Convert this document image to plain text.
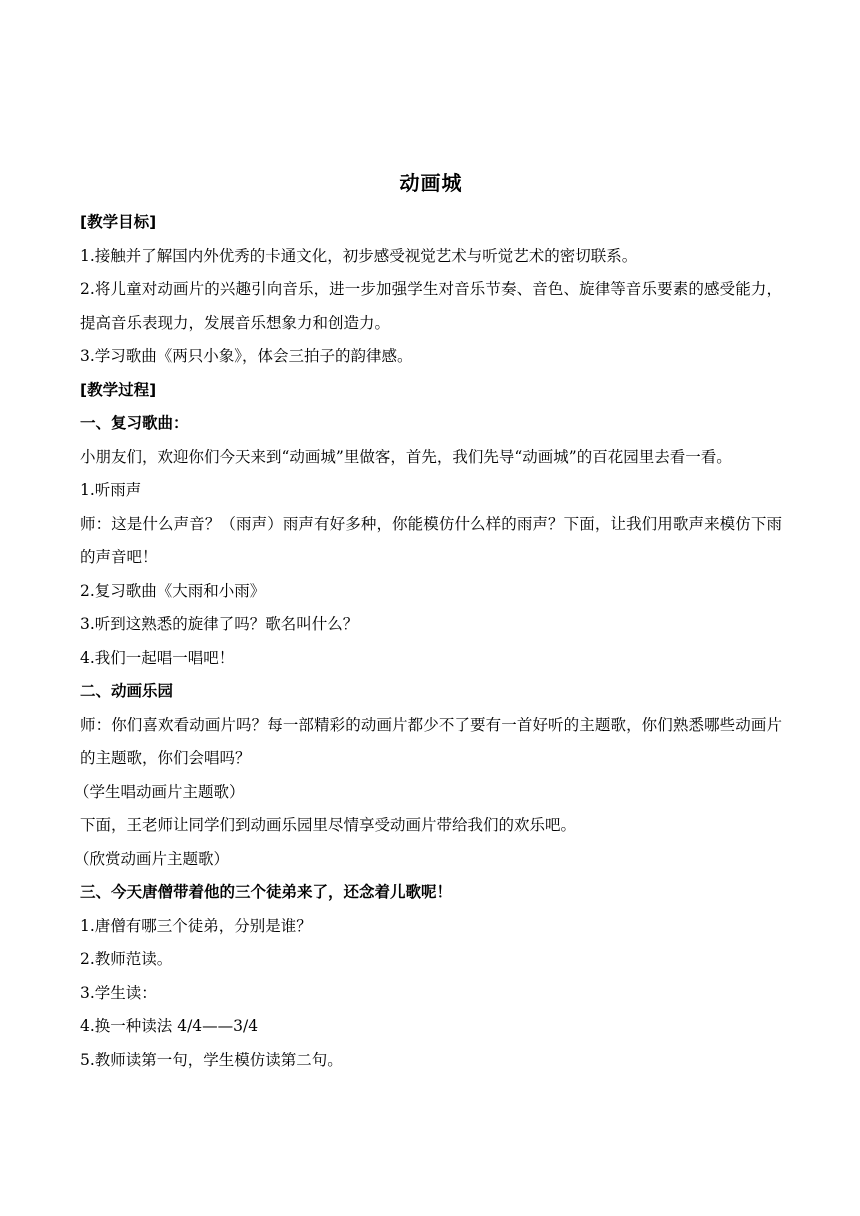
动画城

[教学目标]

1.接触并了解国内外优秀的卡通文化，初步感受视觉艺术与听觉艺术的密切联系。

2.将儿童对动画片的兴趣引向音乐，进一步加强学生对音乐节奏、音色、旋律等音乐要素的感受能力，提高音乐表现力，发展音乐想象力和创造力。

3.学习歌曲《两只小象》，体会三拍子的韵律感。

[教学过程]

一、复习歌曲：

小朋友们，欢迎你们今天来到“动画城”里做客，首先，我们先导“动画城”的百花园里去看一看。

1.听雨声

师：这是什么声音？（雨声）雨声有好多种，你能模仿什么样的雨声？下面，让我们用歌声来模仿下雨的声音吧！

2.复习歌曲《大雨和小雨》

3.听到这熟悉的旋律了吗？歌名叫什么？

4.我们一起唱一唱吧！

二、动画乐园

师：你们喜欢看动画片吗？每一部精彩的动画片都少不了要有一首好听的主题歌，你们熟悉哪些动画片的主题歌，你们会唱吗？

（学生唱动画片主题歌）

下面，王老师让同学们到动画乐园里尽情享受动画片带给我们的欢乐吧。

（欣赏动画片主题歌）

三、今天唐僧带着他的三个徒弟来了，还念着儿歌呢！

1.唐僧有哪三个徒弟，分别是谁？

2.教师范读。

3.学生读：

4.换一种读法 4/4——3/4

5.教师读第一句，学生模仿读第二句。
